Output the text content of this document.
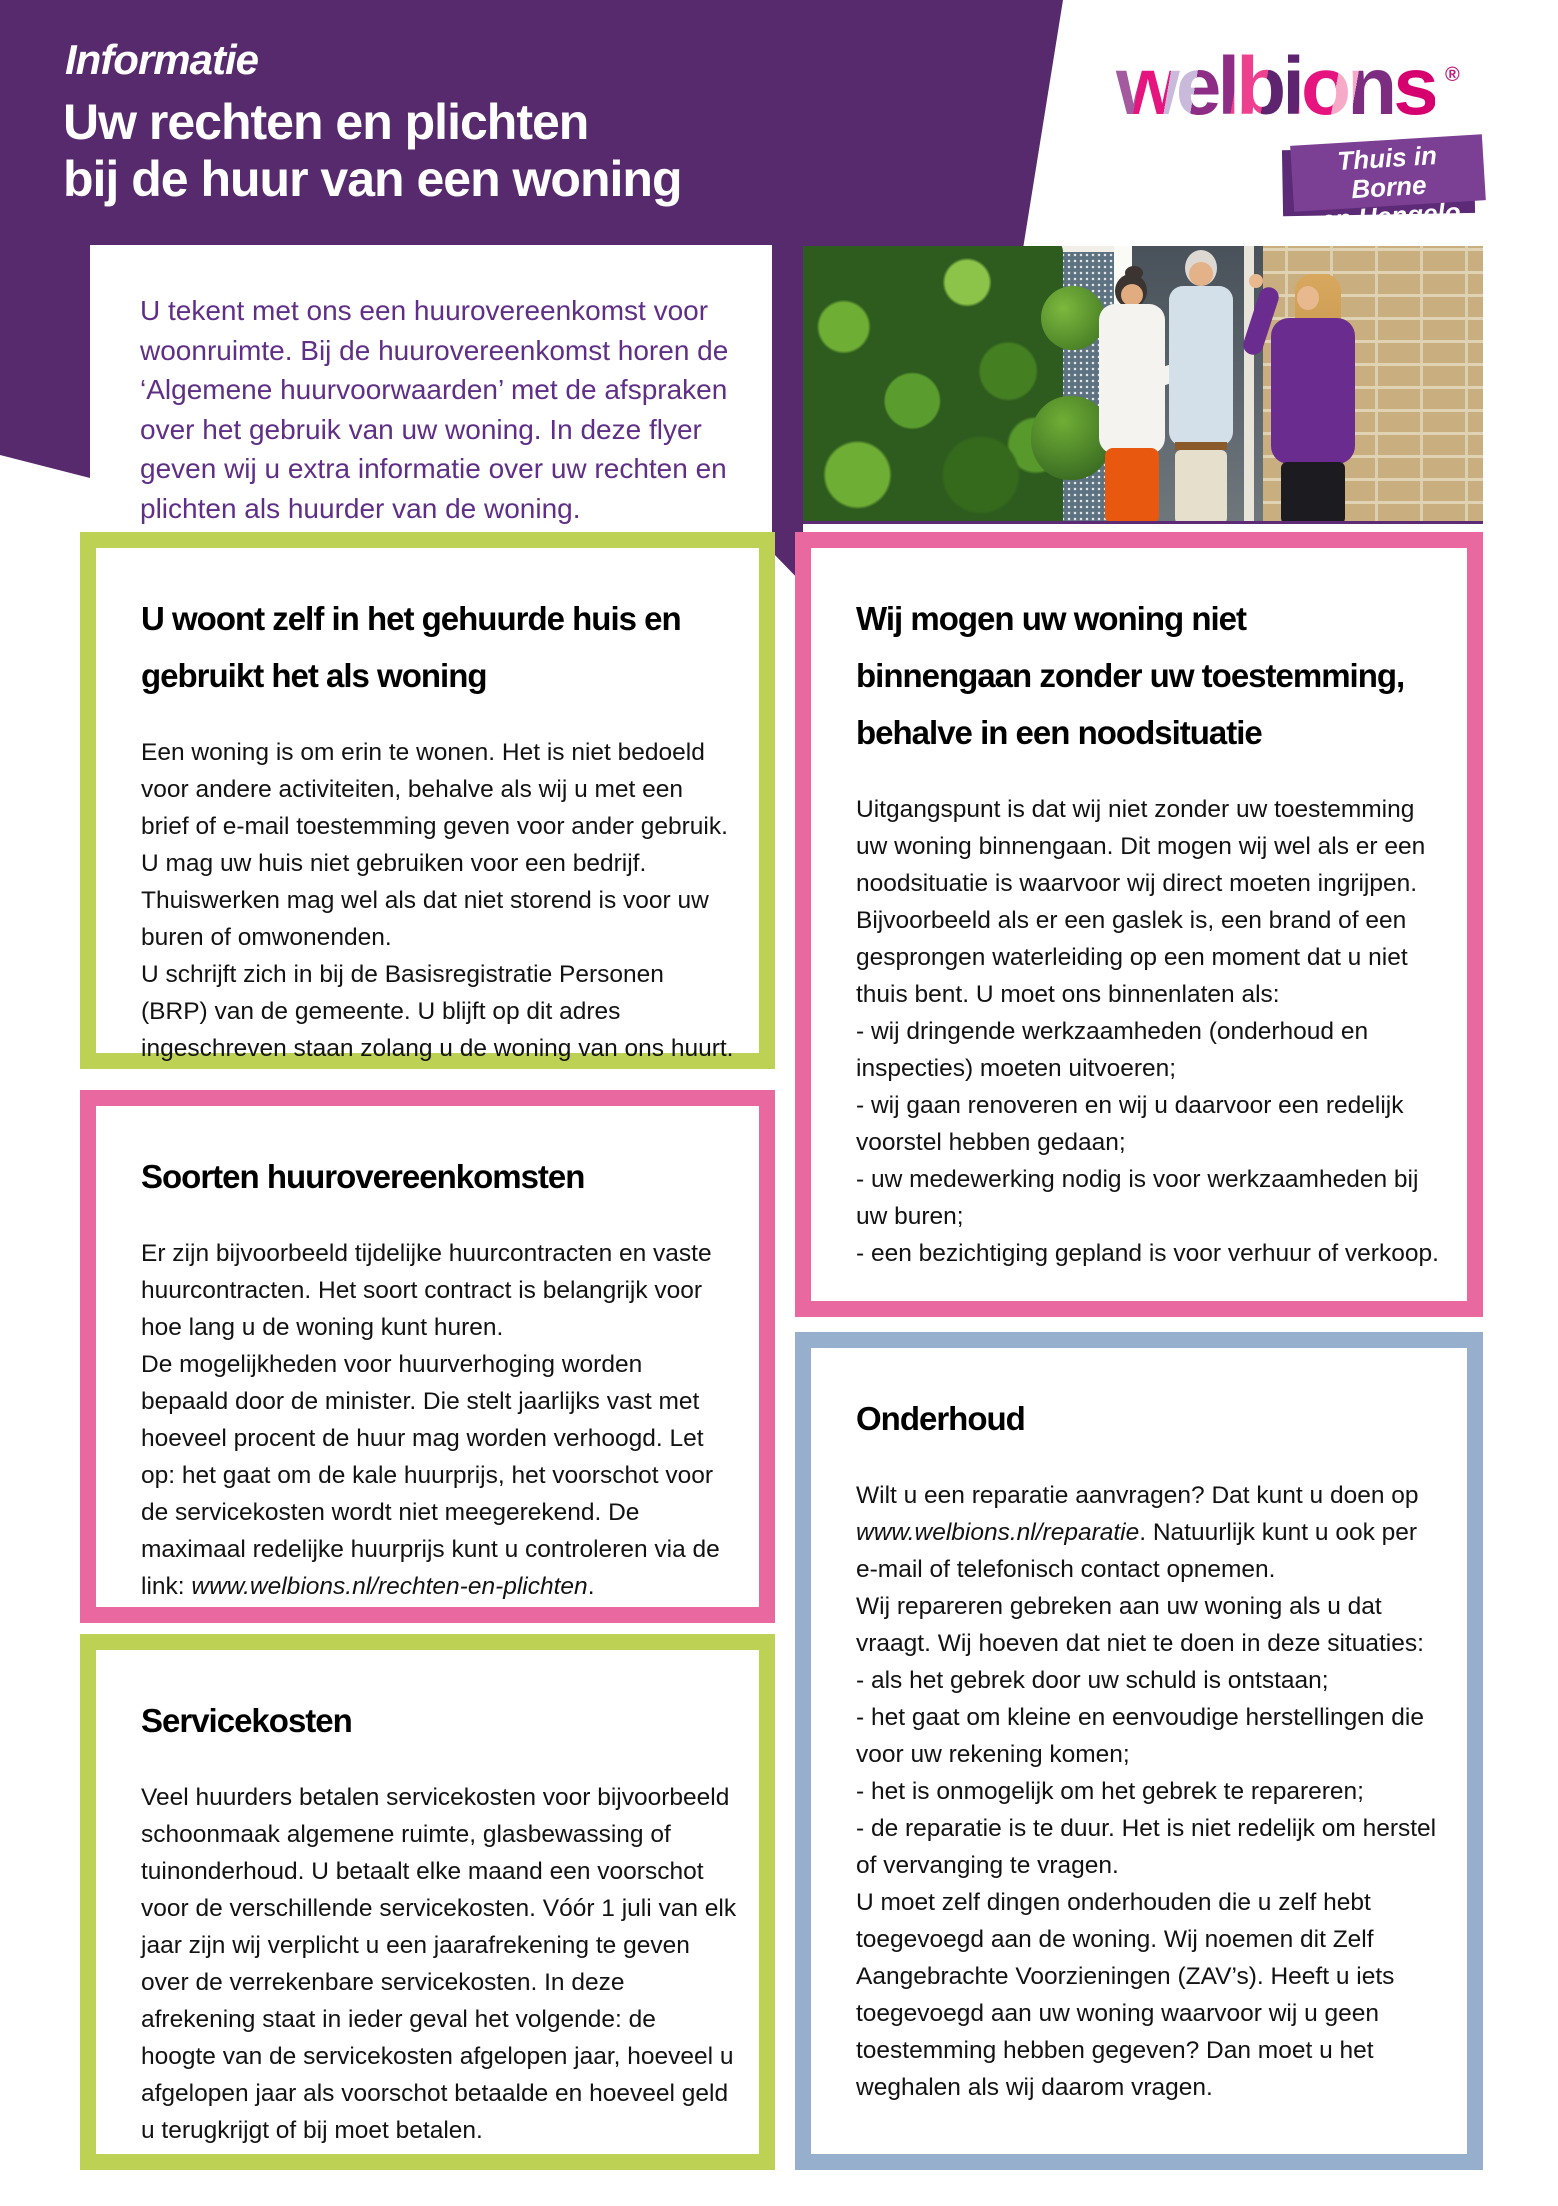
Informatie
Uw rechten en plichten
bij de huur van een woning
welbions ®
Thuis in Borne
en Hengelo
U tekent met ons een huurovereenkomst voor
woonruimte. Bij de huurovereenkomst horen de
‘Algemene huurvoorwaarden’ met de afspraken
over het gebruik van uw woning. In deze flyer
geven wij u extra informatie over uw rechten en
plichten als huurder van de woning.
U woont zelf in het gehuurde huis en
gebruikt het als woning
Een woning is om erin te wonen. Het is niet bedoeld
voor andere activiteiten, behalve als wij u met een
brief of e-mail toestemming geven voor ander gebruik.
U mag uw huis niet gebruiken voor een bedrijf.
Thuiswerken mag wel als dat niet storend is voor uw
buren of omwonenden.
U schrijft zich in bij de Basisregistratie Personen
(BRP) van de gemeente. U blijft op dit adres
ingeschreven staan zolang u de woning van ons huurt.
Soorten huurovereenkomsten
Er zijn bijvoorbeeld tijdelijke huurcontracten en vaste
huurcontracten. Het soort contract is belangrijk voor
hoe lang u de woning kunt huren.
De mogelijkheden voor huurverhoging worden
bepaald door de minister. Die stelt jaarlijks vast met
hoeveel procent de huur mag worden verhoogd. Let
op: het gaat om de kale huurprijs, het voorschot voor
de servicekosten wordt niet meegerekend. De
maximaal redelijke huurprijs kunt u controleren via de
link: www.welbions.nl/rechten-en-plichten.
Servicekosten
Veel huurders betalen servicekosten voor bijvoorbeeld
schoonmaak algemene ruimte, glasbewassing of
tuinonderhoud. U betaalt elke maand een voorschot
voor de verschillende servicekosten. Vóór 1 juli van elk
jaar zijn wij verplicht u een jaarafrekening te geven
over de verrekenbare servicekosten. In deze
afrekening staat in ieder geval het volgende: de
hoogte van de servicekosten afgelopen jaar, hoeveel u
afgelopen jaar als voorschot betaalde en hoeveel geld
u terugkrijgt of bij moet betalen.
Wij mogen uw woning niet
binnengaan zonder uw toestemming,
behalve in een noodsituatie
Uitgangspunt is dat wij niet zonder uw toestemming
uw woning binnengaan. Dit mogen wij wel als er een
noodsituatie is waarvoor wij direct moeten ingrijpen.
Bijvoorbeeld als er een gaslek is, een brand of een
gesprongen waterleiding op een moment dat u niet
thuis bent. U moet ons binnenlaten als:
- wij dringende werkzaamheden (onderhoud en
inspecties) moeten uitvoeren;
- wij gaan renoveren en wij u daarvoor een redelijk
voorstel hebben gedaan;
- uw medewerking nodig is voor werkzaamheden bij
uw buren;
- een bezichtiging gepland is voor verhuur of verkoop.
Onderhoud
Wilt u een reparatie aanvragen? Dat kunt u doen op
www.welbions.nl/reparatie. Natuurlijk kunt u ook per
e-mail of telefonisch contact opnemen.
Wij repareren gebreken aan uw woning als u dat
vraagt. Wij hoeven dat niet te doen in deze situaties:
- als het gebrek door uw schuld is ontstaan;
- het gaat om kleine en eenvoudige herstellingen die
voor uw rekening komen;
- het is onmogelijk om het gebrek te repareren;
- de reparatie is te duur. Het is niet redelijk om herstel
of vervanging te vragen.
U moet zelf dingen onderhouden die u zelf hebt
toegevoegd aan de woning. Wij noemen dit Zelf
Aangebrachte Voorzieningen (ZAV’s). Heeft u iets
toegevoegd aan uw woning waarvoor wij u geen
toestemming hebben gegeven? Dan moet u het
weghalen als wij daarom vragen.
